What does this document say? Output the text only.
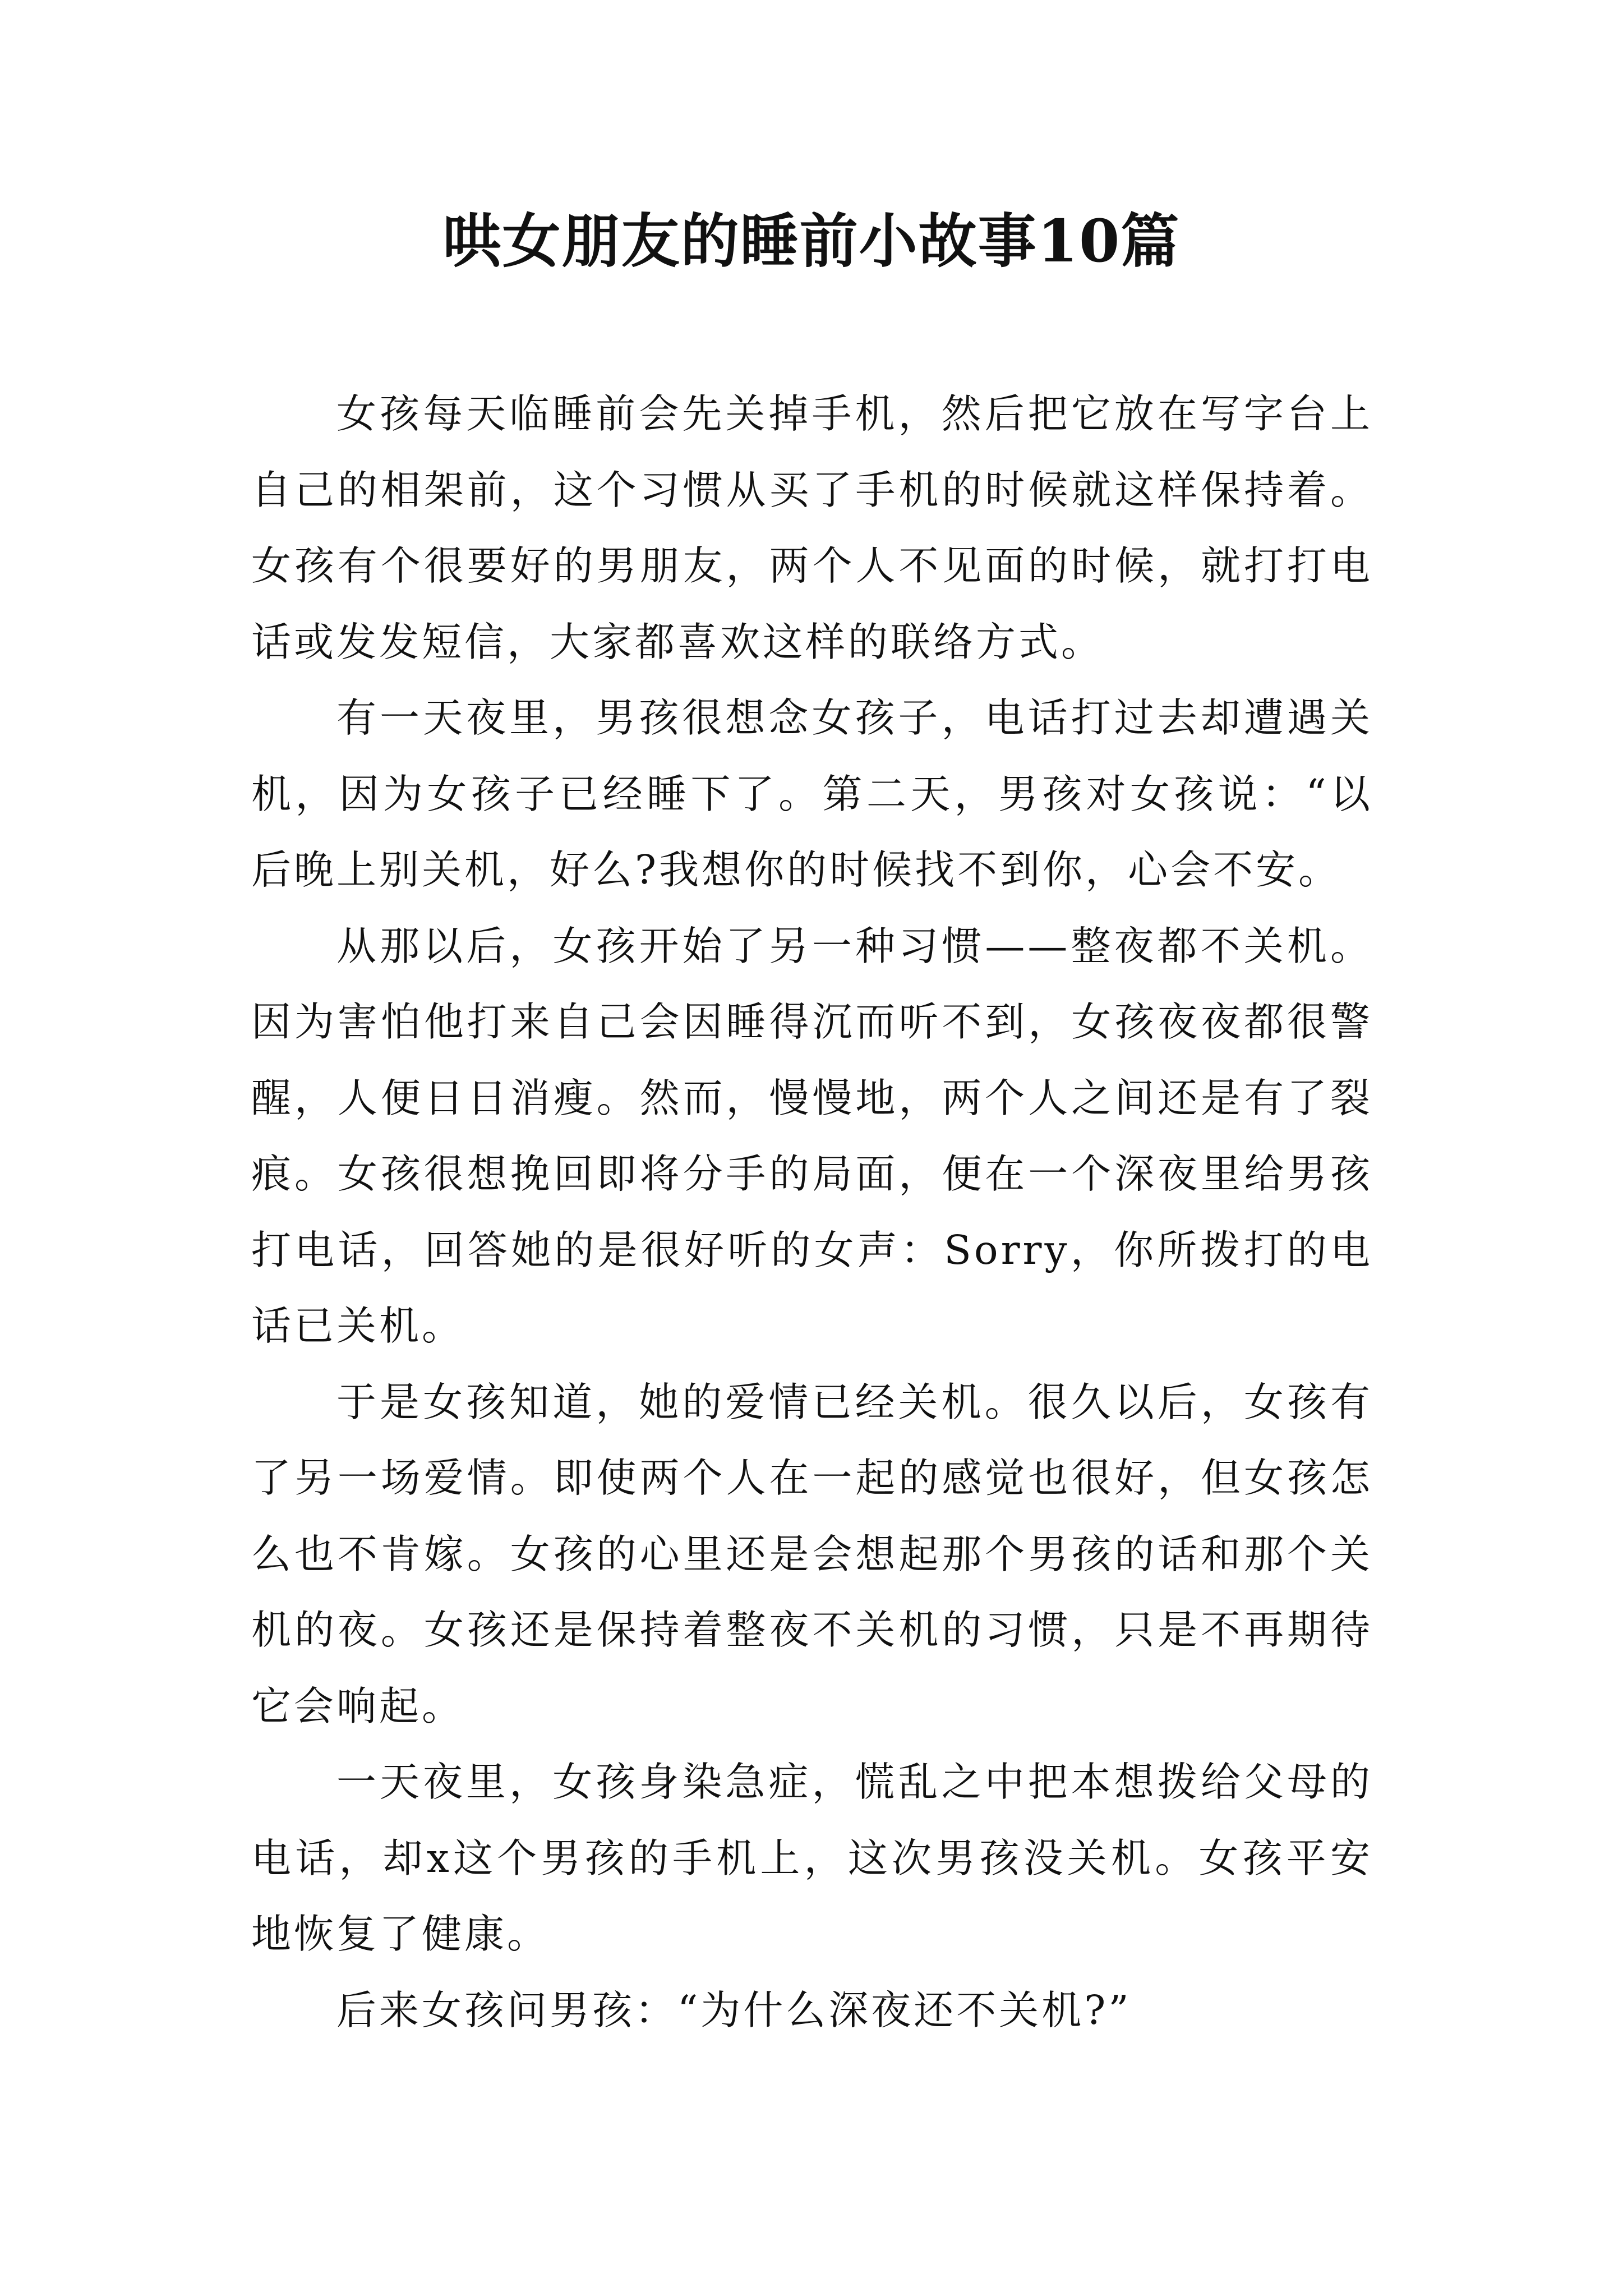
哄女朋友的睡前小故事10篇

女孩每天临睡前会先关掉手机，然后把它放在写字台上自己的相架前，这个习惯从买了手机的时候就这样保持着。女孩有个很要好的男朋友，两个人不见面的时候，就打打电话或发发短信，大家都喜欢这样的联络方式。

有一天夜里，男孩很想念女孩子，电话打过去却遭遇关机，因为女孩子已经睡下了。第二天，男孩对女孩说：“以后晚上别关机，好么?我想你的时候找不到你，心会不安。

从那以后，女孩开始了另一种习惯——整夜都不关机。因为害怕他打来自己会因睡得沉而听不到，女孩夜夜都很警醒，人便日日消瘦。然而，慢慢地，两个人之间还是有了裂痕。女孩很想挽回即将分手的局面，便在一个深夜里给男孩打电话，回答她的是很好听的女声：Sorry，你所拨打的电话已关机。

于是女孩知道，她的爱情已经关机。很久以后，女孩有了另一场爱情。即使两个人在一起的感觉也很好，但女孩怎么也不肯嫁。女孩的心里还是会想起那个男孩的话和那个关机的夜。女孩还是保持着整夜不关机的习惯，只是不再期待它会响起。

一天夜里，女孩身染急症，慌乱之中把本想拨给父母的电话，却x这个男孩的手机上，这次男孩没关机。女孩平安地恢复了健康。

后来女孩问男孩：“为什么深夜还不关机?”
